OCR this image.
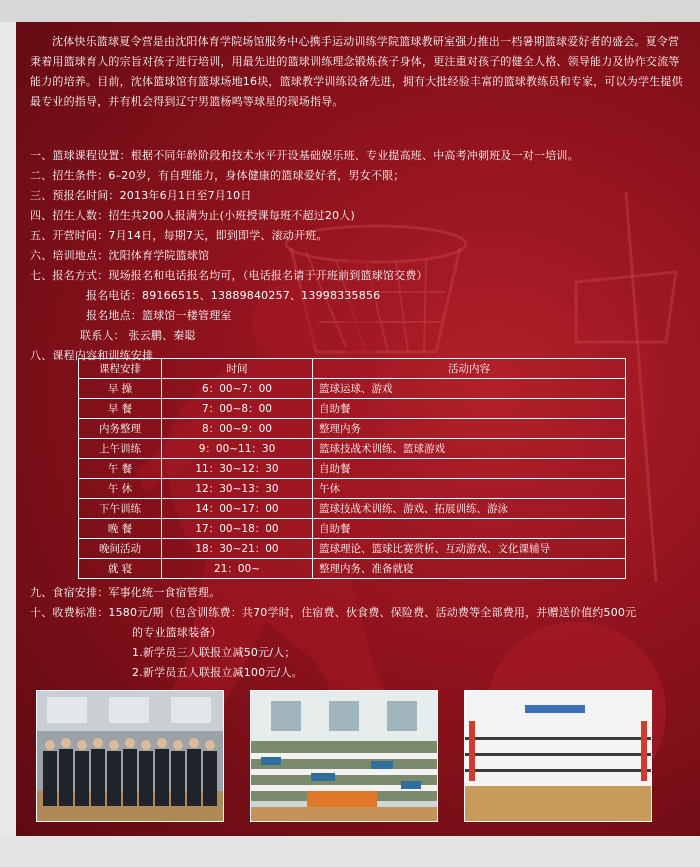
沈体快乐篮球夏令营是由沈阳体育学院场馆服务中心携手运动训练学院篮球教研室强力推出一档暑期篮球爱好者的盛会。夏令营秉着用篮球育人的宗旨对孩子进行培训，用最先进的篮球训练理念锻炼孩子身体，更注重对孩子的健全人格、领导能力及协作交流等能力的培养。目前，沈体篮球馆有篮球场地16块，篮球教学训练设备先进，拥有大批经验丰富的篮球教练员和专家，可以为学生提供最专业的指导，并有机会得到辽宁男篮杨鸣等球星的现场指导。
一、篮球课程设置：根据不同年龄阶段和技术水平开设基础娱乐班、专业提高班、中高考冲刺班及一对一培训。
二、招生条件：6–20岁，有自理能力，身体健康的篮球爱好者，男女不限；
三、预报名时间：2013年6月1日至7月10日
四、招生人数：招生共200人报满为止(小班授课每班不超过20人)
五、开营时间：7月14日，每期7天，即到即学、滚动开班。
六、培训地点：沈阳体育学院篮球馆
七、报名方式：现场报名和电话报名均可，（电话报名请于开班前到篮球馆交费）
报名电话：89166515、13889840257、13998335856
报名地点：篮球馆一楼管理室
联系人： 张云鹏、秦聪
八、课程内容和训练安排
课程安排	时间	活动内容
早 操	6：00~7：00	篮球运球、游戏
早 餐	7：00~8：00	自助餐
内务整理	8：00~9：00	整理内务
上午训练	9：00~11：30	篮球技战术训练、篮球游戏
午 餐	11：30~12：30	自助餐
午 休	12：30~13：30	午休
下午训练	14：00~17：00	篮球技战术训练、游戏、拓展训练、游泳
晚 餐	17：00~18：00	自助餐
晚间活动	18：30~21：00	篮球理论、篮球比赛赏析、互动游戏、文化课辅导
就 寝	21：00~	整理内务、准备就寝
九、食宿安排：军事化统一食宿管理。
十、收费标准：1580元/期（包含训练费：共70学时，住宿费、伙食费、保险费、活动费等全部费用，并赠送价值约500元
的专业篮球装备）
1.新学员三人联报立减50元/人；
2.新学员五人联报立减100元/人。
